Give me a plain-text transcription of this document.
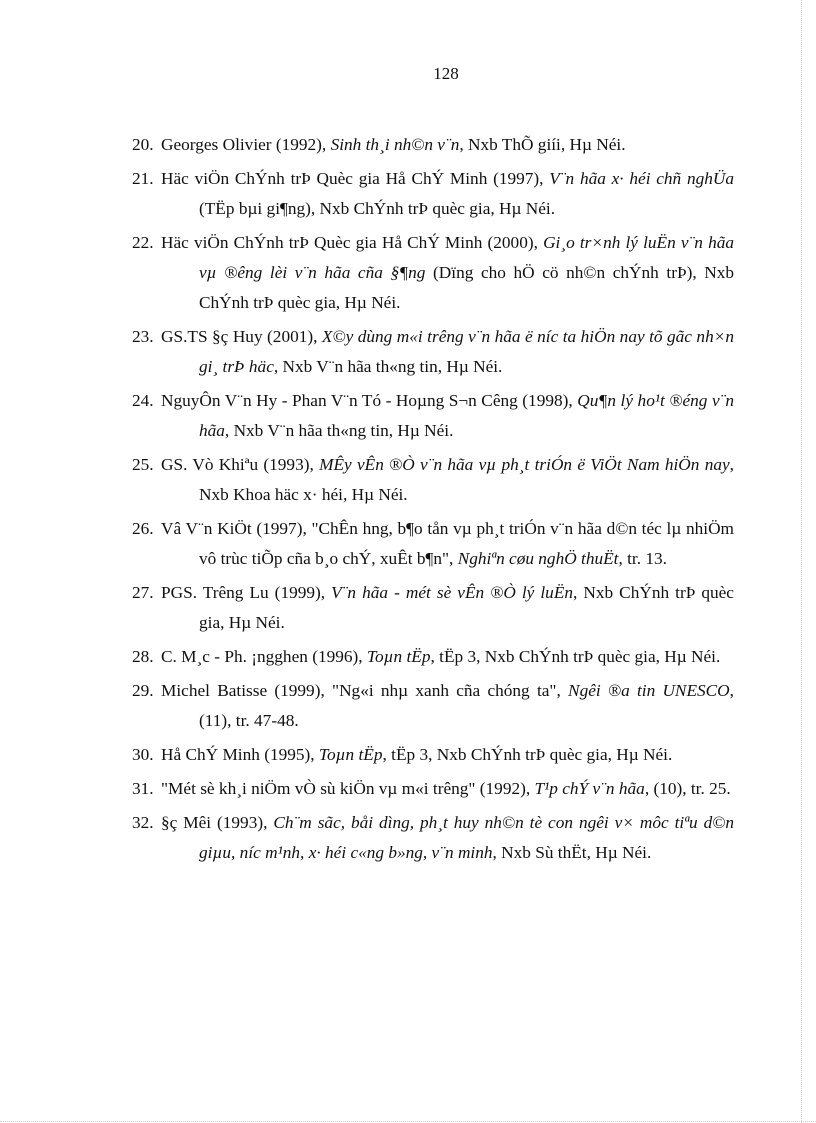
128
20. Georges Olivier (1992), Sinh th¸i nh©n v¨n, Nxb ThÕ giíi, Hµ Néi.
21. Häc viÖn ChÝnh trÞ Quèc gia Hå ChÝ Minh (1997), V¨n hãa x· héi chñ nghÜa (TËp bµi gi¶ng), Nxb ChÝnh trÞ quèc gia, Hµ Néi.
22. Häc viÖn ChÝnh trÞ Quèc gia Hå ChÝ Minh (2000), Gi¸o tr×nh lý luËn v¨n hãa vµ ®êng lèi v¨n hãa cña §¶ng (Dïng cho hÖ cö nh©n chÝnh trÞ), Nxb ChÝnh trÞ quèc gia, Hµ Néi.
23. GS.TS §ç Huy (2001), X©y dùng m«i trêng v¨n hãa ë níc ta hiÖn nay tõ gãc nh×n gi¸ trÞ häc, Nxb V¨n hãa th«ng tin, Hµ Néi.
24. NguyÔn V¨n Hy - Phan V¨n Tó - Hoµng S¬n Cêng (1998), Qu¶n lý ho¹t ®éng v¨n hãa, Nxb V¨n hãa th«ng tin, Hµ Néi.
25. GS. Vò Khiªu (1993), MÊy vÊn ®Ò v¨n hãa vµ ph¸t triÓn ë ViÖt Nam hiÖn nay, Nxb Khoa häc x· héi, Hµ Néi.
26. Vâ V¨n KiÖt (1997), "ChÊn hng, b¶o tån vµ ph¸t triÓn v¨n hãa d©n téc lµ nhiÖm vô trùc tiÕp cña b¸o chÝ, xuÊt b¶n", Nghiªn cøu nghÖ thuËt, tr. 13.
27. PGS. Trêng Lu (1999), V¨n hãa - mét sè vÊn ®Ò lý luËn, Nxb ChÝnh trÞ quèc gia, Hµ Néi.
28. C. M¸c - Ph. ¡ngghen (1996), Toµn tËp, tËp 3, Nxb ChÝnh trÞ quèc gia, Hµ Néi.
29. Michel Batisse (1999), "Ng«i nhµ xanh cña chóng ta", Ngêi ®a tin UNESCO, (11), tr. 47-48.
30. Hå ChÝ Minh (1995), Toµn tËp, tËp 3, Nxb ChÝnh trÞ quèc gia, Hµ Néi.
31. "Mét sè kh¸i niÖm vÒ sù kiÖn vµ m«i trêng" (1992), T¹p chÝ v¨n hãa, (10), tr. 25.
32. §ç Mêi (1993), Ch¨m sãc, båi dìng, ph¸t huy nh©n tè con ngêi v× môc tiªu d©n giµu, níc m¹nh, x· héi c«ng b»ng, v¨n minh, Nxb Sù thËt, Hµ Néi.
